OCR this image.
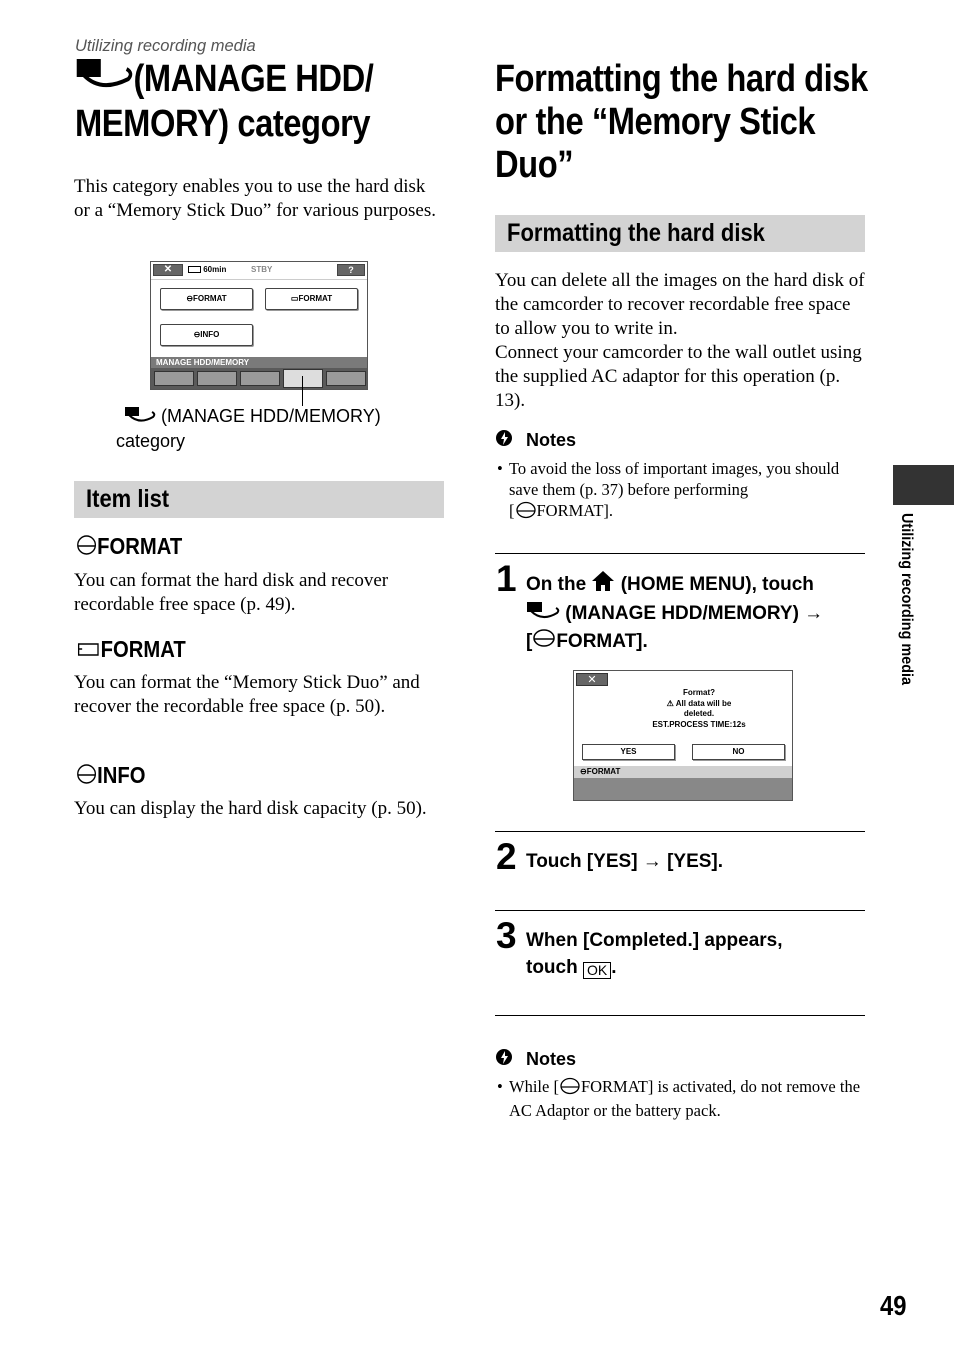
Utilizing recording media
(MANAGE HDD/
MEMORY) category
This category enables you to use the hard disk or a “Memory Stick Duo” for various purposes.
✕	60min	STBY	?
⊖FORMAT	▭FORMAT
⊖INFO
MANAGE HDD/MEMORY
(MANAGE HDD/MEMORY)
category
Item list
FORMAT
You can format the hard disk and recover recordable free space (p. 49).
FORMAT
You can format the “Memory Stick Duo” and recover the recordable free space (p. 50).
INFO
You can display the hard disk capacity (p. 50).
Formatting the hard disk or the “Memory Stick Duo”
Formatting the hard disk
You can delete all the images on the hard disk of the camcorder to recover recordable free space to allow you to write in.
Connect your camcorder to the wall outlet using the supplied AC adaptor for this operation (p. 13).
Notes
• To avoid the loss of important images, you should save them (p. 37) before performing
[ FORMAT].
1 On the (HOME MENU), touch
(MANAGE HDD/MEMORY) →
[ FORMAT].
✕
Format?
⚠ All data will be
deleted.
EST.PROCESS TIME:12s
YES	NO
⊖FORMAT
2 Touch [YES] → [YES].
3 When [Completed.] appears,
touch OK .
Notes
• While [ FORMAT] is activated, do not remove the AC Adaptor or the battery pack.
Utilizing recording media
49
